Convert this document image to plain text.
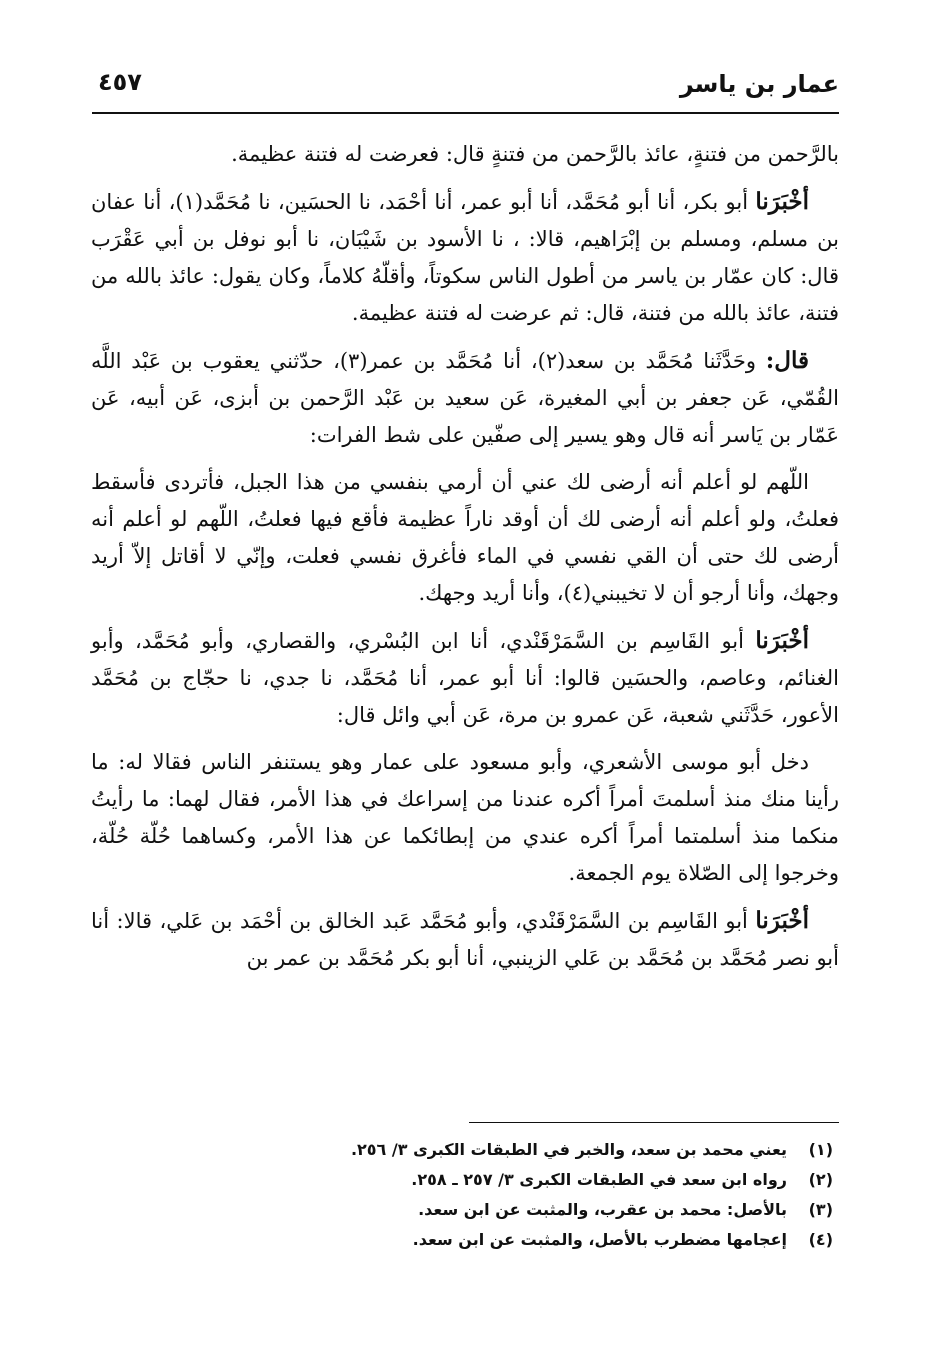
عمار بن ياسر
٤٥٧

بالرَّحمن من فتنةٍ، عائذ بالرَّحمن من فتنةٍ قال: فعرضت له فتنة عظيمة.

أخْبَرَنا أبو بكر، أنا أبو مُحَمَّد، أنا أبو عمر، أنا أحْمَد، نا الحسَين، نا مُحَمَّد(١)، أنا عفان بن مسلم، ومسلم بن إبْرَاهيم، قالا: ، نا الأسود بن شَيْبَان، نا أبو نوفل بن أبي عَقْرَب قال: كان عمّار بن ياسر من أطول الناس سكوتاً، وأقلّهُ كلاماً، وكان يقول: عائذ بالله من فتنة، عائذ بالله من فتنة، قال: ثم عرضت له فتنة عظيمة.

قال: وحَدَّثَنا مُحَمَّد بن سعد(٢)، أنا مُحَمَّد بن عمر(٣)، حدّثني يعقوب بن عَبْد اللَّه القُمّي، عَن جعفر بن أبي المغيرة، عَن سعيد بن عَبْد الرَّحمن بن أبزى، عَن أبيه، عَن عَمّار بن يَاسر أنه قال وهو يسير إلى صفّين على شط الفرات:

اللّهم لو أعلم أنه أرضى لك عني أن أرمي بنفسي من هذا الجبل، فأتردى فأسقط فعلتُ، ولو أعلم أنه أرضى لك أن أوقد ناراً عظيمة فأقع فيها فعلتُ، اللّهم لو أعلم أنه أرضى لك حتى أن القي نفسي في الماء فأغرق نفسي فعلت، وإنّي لا أقاتل إلاّ أريد وجهك، وأنا أرجو أن لا تخيبني(٤)، وأنا أريد وجهك.

أخْبَرَنا أبو القَاسِم بن السَّمَرْقَنْدي، أنا ابن البُسْري، والقصاري، وأبو مُحَمَّد، وأبو الغنائم، وعاصم، والحسَين قالوا: أنا أبو عمر، أنا مُحَمَّد، نا جدي، نا حجّاج بن مُحَمَّد الأعور، حَدَّثَني شعبة، عَن عمرو بن مرة، عَن أبي وائل قال:

دخل أبو موسى الأشعري، وأبو مسعود على عمار وهو يستنفر الناس فقالا له: ما رأينا منك منذ أسلمتَ أمراً أكره عندنا من إسراعك في هذا الأمر، فقال لهما: ما رأيتُ منكما منذ أسلمتما أمراً أكره عندي من إبطائكما عن هذا الأمر، وكساهما حُلّة حُلّة، وخرجوا إلى الصّلاة يوم الجمعة.

أخْبَرَنا أبو القَاسِم بن السَّمَرْقَنْدي، وأبو مُحَمَّد عَبد الخالق بن أحْمَد بن عَلي، قالا: أنا أبو نصر مُحَمَّد بن مُحَمَّد بن عَلي الزينبي، أنا أبو بكر مُحَمَّد بن عمر بن

(١)
يعني محمد بن سعد، والخبر في الطبقات الكبرى ٣/ ٢٥٦.
(٢)
رواه ابن سعد في الطبقات الكبرى ٣/ ٢٥٧ ـ ٢٥٨.
(٣)
بالأصل: محمد بن عقرب، والمثبت عن ابن سعد.
(٤)
إعجامها مضطرب بالأصل، والمثبت عن ابن سعد.
